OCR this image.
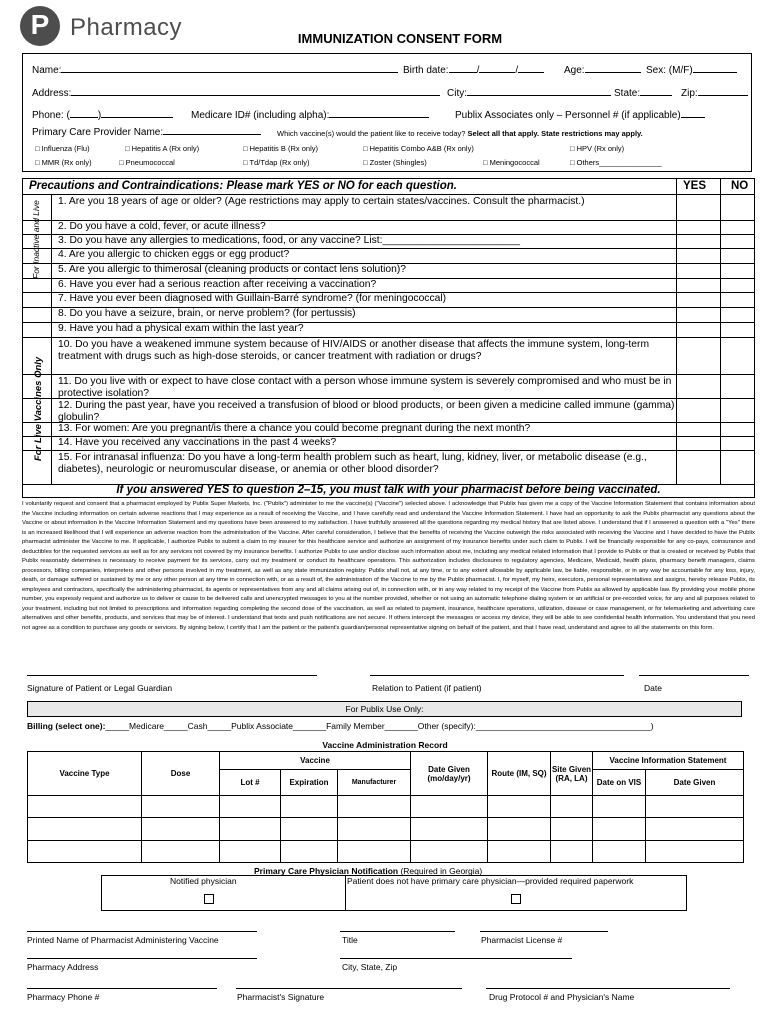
P Pharmacy	IMMUNIZATION CONSENT FORM
Name:	Birth date:	/	/	Age:	Sex: (M/F)
Address:	City:	State:	Zip:
Phone: (	)	Medicare ID# (including alpha):	Publix Associates only – Personnel # (if applicable)
Primary Care Provider Name:	Which vaccine(s) would the patient like to receive today? Select all that apply. State restrictions may apply.
□ Influenza (Flu)	□ Hepatitis A (Rx only)	□ Hepatitis B (Rx only)	□ Hepatitis Combo A&B (Rx only)	□ HPV (Rx only)
□ MMR (Rx only)	□ Pneumococcal	□ Td/Tdap (Rx only)	□ Zoster (Shingles)	□ Meningococcal	□ Others_______________
Precautions and Contraindications: Please mark YES or NO for each question.	YES NO
For Inactive and Live
For Live Vaccines Only
1. Are you 18 years of age or older? (Age restrictions may apply to certain states/vaccines. Consult the pharmacist.)
2. Do you have a cold, fever, or acute illness?
3. Do you have any allergies to medications, food, or any vaccine? List:________________________
4. Are you allergic to chicken eggs or egg product?
5. Are you allergic to thimerosal (cleaning products or contact lens solution)?
6. Have you ever had a serious reaction after receiving a vaccination?
7. Have you ever been diagnosed with Guillain-Barré syndrome? (for meningococcal)
8. Do you have a seizure, brain, or nerve problem? (for pertussis)
9. Have you had a physical exam within the last year?
10. Do you have a weakened immune system because of HIV/AIDS or another disease that affects the immune system, long-term treatment with drugs such as high-dose steroids, or cancer treatment with radiation or drugs?
11. Do you live with or expect to have close contact with a person whose immune system is severely compromised and who must be in protective isolation?
12. During the past year, have you received a transfusion of blood or blood products, or been given a medicine called immune (gamma) globulin?
13. For women: Are you pregnant/is there a chance you could become pregnant during the next month?
14. Have you received any vaccinations in the past 4 weeks?
15. For intranasal influenza: Do you have a long-term health problem such as heart, lung, kidney, liver, or metabolic disease (e.g., diabetes), neurologic or neuromuscular disease, or anemia or other blood disorder?
If you answered YES to question 2–15, you must talk with your pharmacist before being vaccinated.
I voluntarily request and consent that a pharmacist employed by Publix Super Markets, Inc. ("Publix") administer to me the vaccine(s) ("Vaccine") selected above. I acknowledge that Publix has given me a copy of the Vaccine Information Statement that contains information about the Vaccine including information on certain adverse reactions that I may experience as a result of receiving the Vaccine, and I have carefully read and understand the Vaccine Information Statement. I have had an opportunity to ask the Publix pharmacist any questions about the Vaccine or about information in the Vaccine Information Statement and my questions have been answered to my satisfaction. I have truthfully answered all the questions regarding my medical history that are listed above. I understand that if I answered a question with a "Yes" there is an increased likelihood that I will experience an adverse reaction from the administration of the Vaccine. After careful consideration, I believe that the benefits of receiving the Vaccine outweigh the risks associated with receiving the Vaccine and I have decided to have the Publix pharmacist administer the Vaccine to me. If applicable, I authorize Publix to submit a claim to my insurer for this healthcare service and authorize an assignment of my insurance benefits under such claim to Publix. I will be financially responsible for any co-pays, coinsurance and deductibles for the requested services as well as for any services not covered by my insurance benefits. I authorize Publix to use and/or disclose such information about me, including any medical related information that I provide to Publix or that is created or received by Publix that Publix reasonably determines is necessary to receive payment for its services, carry out my treatment or conduct its healthcare operations. This authorization includes disclosures to regulatory agencies, Medicare, Medicaid, health plans, pharmacy benefit managers, claims processors, billing companies, interpreters and other persons involved in my treatment, as well as any state immunization registry. Publix shall not, at any time, or to any extent allowable by applicable law, be liable, responsible, or in any way be accountable for any loss, injury, death, or damage suffered or sustained by me or any other person at any time in connection with, or as a result of, the administration of the Vaccine to me by the Publix pharmacist. I, for myself, my heirs, executors, personal representatives and assigns, hereby release Publix, its employees and contractors, specifically the administering pharmacist, its agents or representatives from any and all claims arising out of, in connection with, or in any way related to my receipt of the Vaccine from Publix as allowed by applicable law. By providing your mobile phone number, you expressly request and authorize us to deliver or cause to be delivered calls and unencrypted messages to you at the number provided, whether or not using an automatic telephone dialing system or an artificial or pre-recorded voice, for any and all purposes related to your treatment, including but not limited to prescriptions and information regarding completing the second dose of the vaccination, as well as related to payment, insurance, healthcare operations, utilization, disease or case management, or for telemarketing and advertising care alternatives and other benefits, products, and services that may be of interest. I understand that texts and push notifications are not secure. If others intercept the messages or access my device, they will be able to see confidential health information. You understand that you need not agree as a condition to purchase any goods or services. By signing below, I certify that I am the patient or the patient's guardian/personal representative signing on behalf of the patient, and that I have read, understand and agree to all the statements on this form.
Signature of Patient or Legal Guardian	Relation to Patient (if patient)	Date
For Publix Use Only:
Billing (select one):_____Medicare_____Cash_____Publix Associate_______Family Member_______Other (specify):_____________________________________)
Vaccine Administration Record
Vaccine Type	Dose	Vaccine			Date Given (mo/day/yr)	Route (IM, SQ)	Site Given (RA, LA)	Vaccine Information Statement	
		Lot #	Expiration	Manufacturer				Date on VIS	Date Given

Primary Care Physician Notification (Required in Georgia)
Notified physician	Patient does not have primary care physician—provided required paperwork
Printed Name of Pharmacist Administering Vaccine	Title	Pharmacist License #
Pharmacy Address	City, State, Zip
Pharmacy Phone #	Pharmacist's Signature	Drug Protocol # and Physician's Name
